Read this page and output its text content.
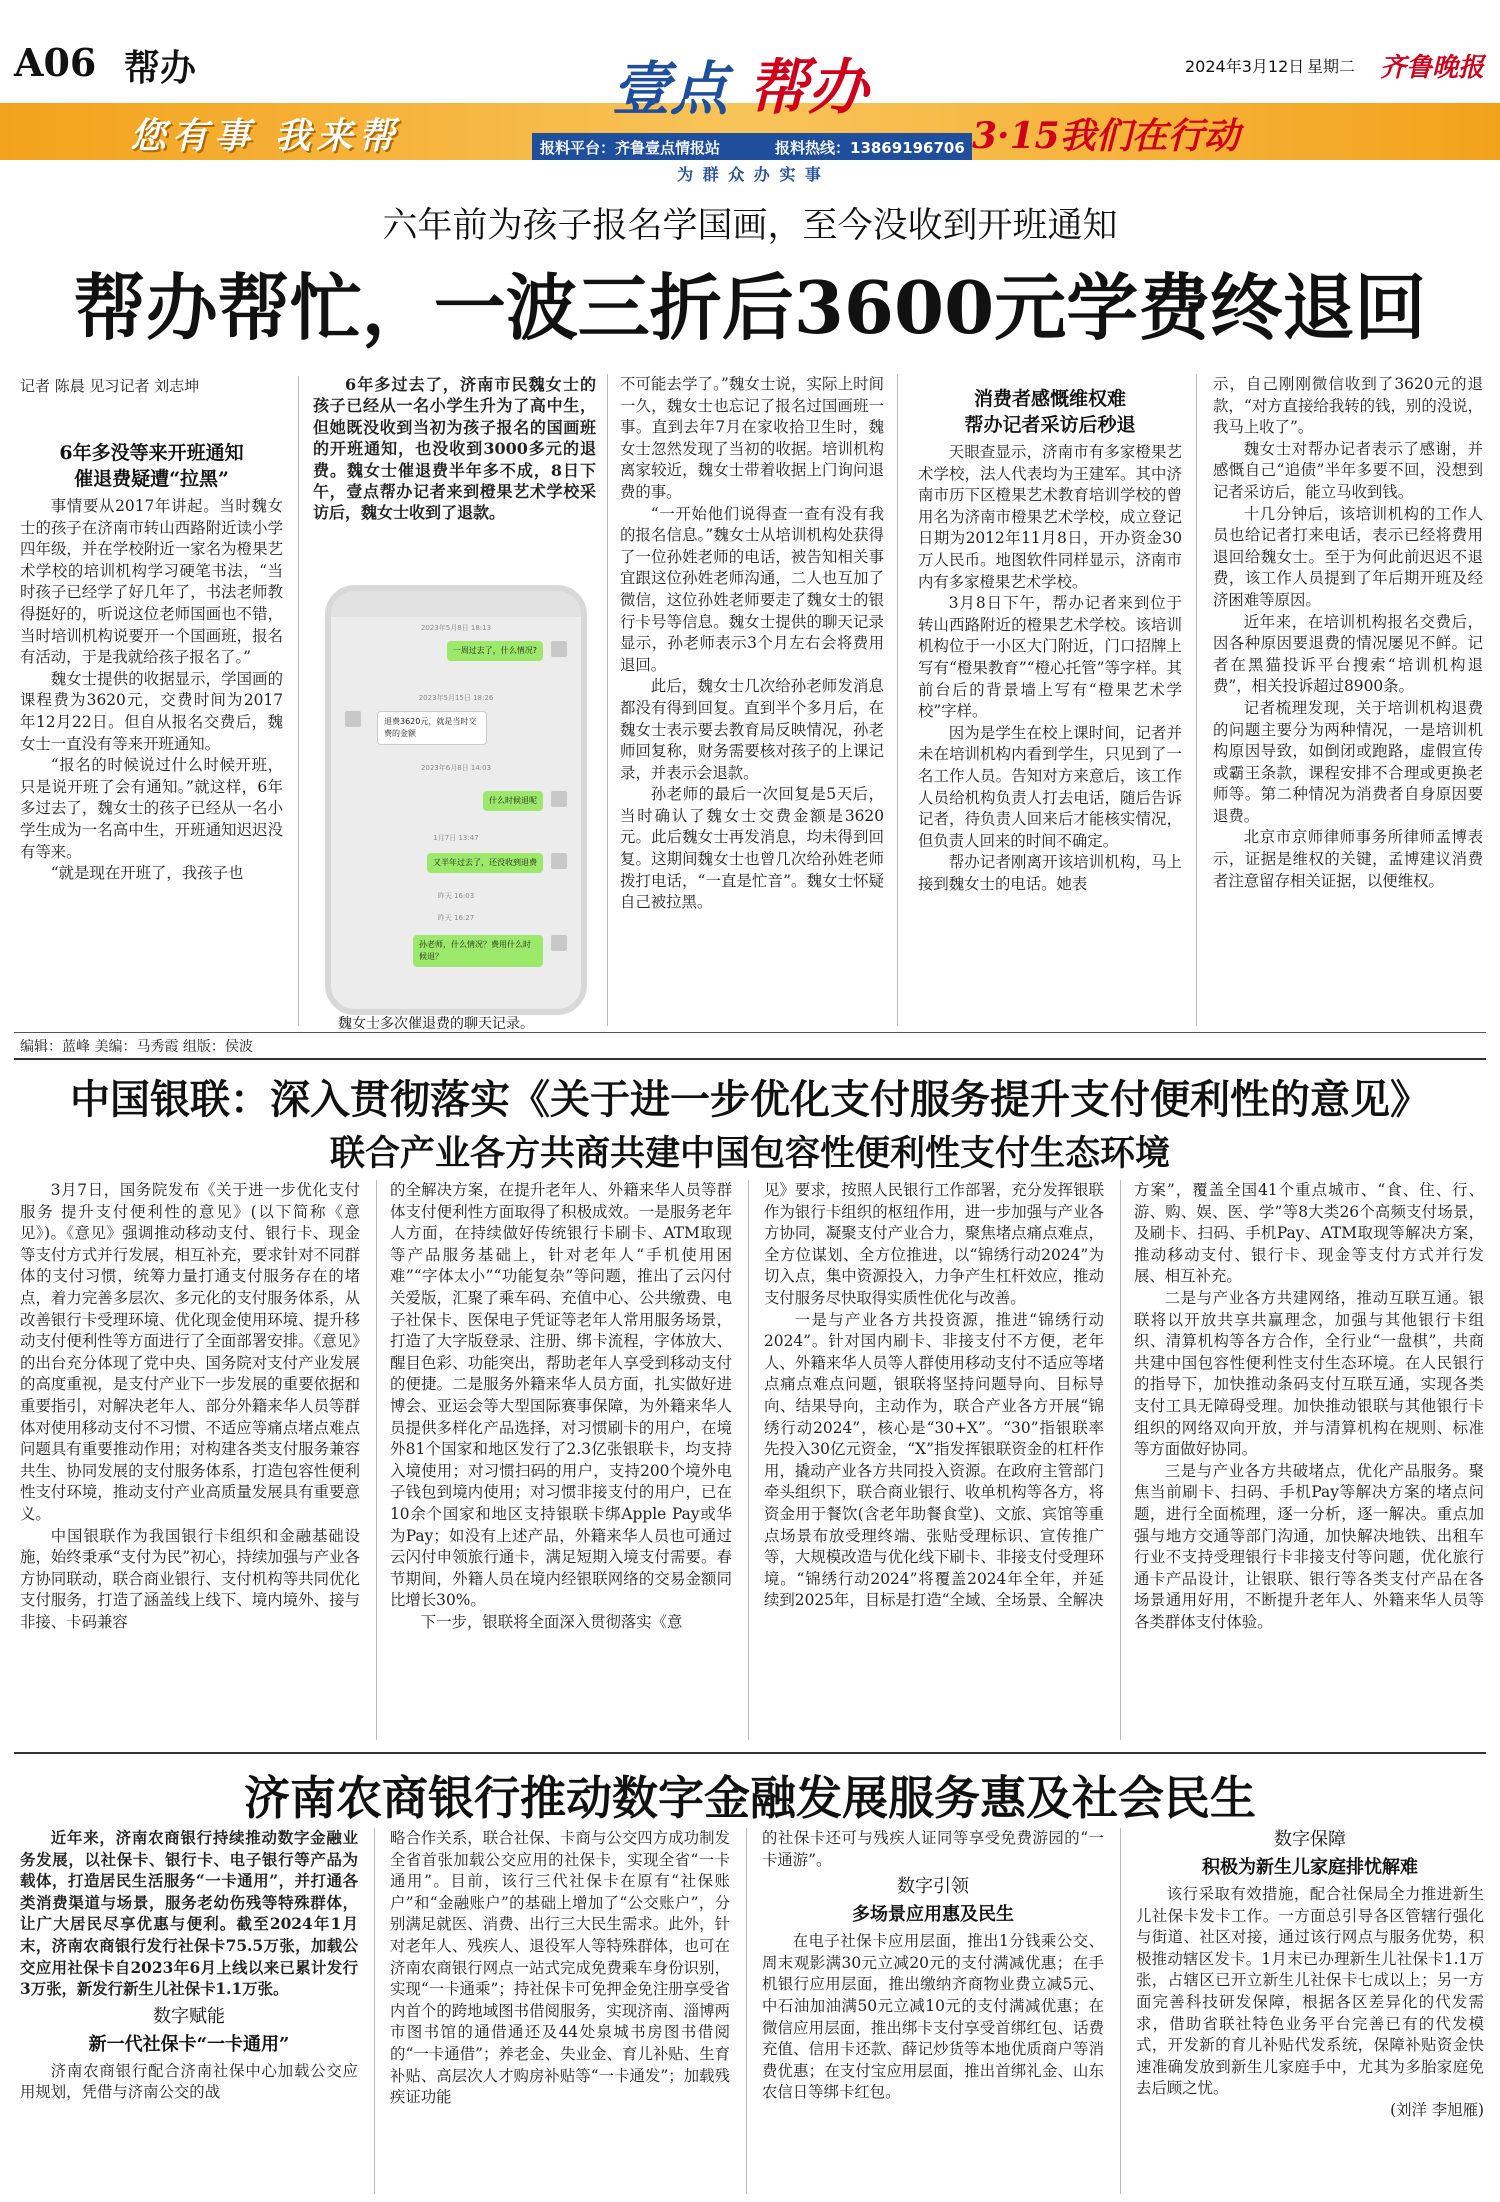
A06 帮办
您有事 我来帮
壹点 帮办
报料平台：齐鲁壹点情报站	报料热线：13869196706
为 群 众 办 实 事
3·15我们在行动
2024年3月12日 星期二 齐鲁晚报
六年前为孩子报名学国画，至今没收到开班通知
帮办帮忙，一波三折后3600元学费终退回
记者 陈晨 见习记者 刘志坤
6年多没等来开班通知
催退费疑遭“拉黑”

事情要从2017年讲起。当时魏女士的孩子在济南市转山西路附近读小学四年级，并在学校附近一家名为橙果艺术学校的培训机构学习硬笔书法，“当时孩子已经学了好几年了，书法老师教得挺好的，听说这位老师国画也不错，当时培训机构说要开一个国画班，报名有活动，于是我就给孩子报名了。”

魏女士提供的收据显示，学国画的课程费为3620元，交费时间为2017年12月22日。但自从报名交费后，魏女士一直没有等来开班通知。

“报名的时候说过什么时候开班，只是说开班了会有通知。”就这样，6年多过去了，魏女士的孩子已经从一名小学生成为一名高中生，开班通知迟迟没有等来。

“就是现在开班了，我孩子也

6年多过去了，济南市民魏女士的孩子已经从一名小学生升为了高中生，但她既没收到当初为孩子报名的国画班的开班通知，也没收到3000多元的退费。魏女士催退费半年多不成，8日下午，壹点帮办记者来到橙果艺术学校采访后，魏女士收到了退款。

2023年5月8日 18:13
一周过去了，什么情况?
2023年5月15日 18:26
退费3620元，就是当时交费的金额
2023年6月8日 14:03
什么时候退呢
1月7日 13:47
又半年过去了，还没收到退费
昨天 16:03
昨天 16:27
孙老师，什么情况？费用什么时候退？
魏女士多次催退费的聊天记录。

不可能去学了。”魏女士说，实际上时间一久，魏女士也忘记了报名过国画班一事。直到去年7月在家收拾卫生时，魏女士忽然发现了当初的收据。培训机构离家较近，魏女士带着收据上门询问退费的事。

“一开始他们说得查一查有没有我的报名信息。”魏女士从培训机构处获得了一位孙姓老师的电话，被告知相关事宜跟这位孙姓老师沟通，二人也互加了微信，这位孙姓老师要走了魏女士的银行卡号等信息。魏女士提供的聊天记录显示，孙老师表示3个月左右会将费用退回。

此后，魏女士几次给孙老师发消息都没有得到回复。直到半个多月后，在魏女士表示要去教育局反映情况，孙老师回复称，财务需要核对孩子的上课记录，并表示会退款。

孙老师的最后一次回复是5天后，当时确认了魏女士交费金额是3620元。此后魏女士再发消息，均未得到回复。这期间魏女士也曾几次给孙姓老师拨打电话，“一直是忙音”。魏女士怀疑自己被拉黑。

消费者感慨维权难
帮办记者采访后秒退

天眼查显示，济南市有多家橙果艺术学校，法人代表均为王建军。其中济南市历下区橙果艺术教育培训学校的曾用名为济南市橙果艺术学校，成立登记日期为2012年11月8日，开办资金30万人民币。地图软件同样显示，济南市内有多家橙果艺术学校。

3月8日下午，帮办记者来到位于转山西路附近的橙果艺术学校。该培训机构位于一小区大门附近，门口招牌上写有“橙果教育”“橙心托管”等字样。其前台后的背景墙上写有“橙果艺术学校”字样。

因为是学生在校上课时间，记者并未在培训机构内看到学生，只见到了一名工作人员。告知对方来意后，该工作人员给机构负责人打去电话，随后告诉记者，待负责人回来后才能核实情况，但负责人回来的时间不确定。

帮办记者刚离开该培训机构，马上接到魏女士的电话。她表

示，自己刚刚微信收到了3620元的退款，“对方直接给我转的钱，别的没说，我马上收了”。

魏女士对帮办记者表示了感谢，并感慨自己“追债”半年多要不回，没想到记者采访后，能立马收到钱。

十几分钟后，该培训机构的工作人员也给记者打来电话，表示已经将费用退回给魏女士。至于为何此前迟迟不退费，该工作人员提到了年后期开班及经济困难等原因。

近年来，在培训机构报名交费后，因各种原因要退费的情况屡见不鲜。记者在黑猫投诉平台搜索“培训机构退费”，相关投诉超过8900条。

记者梳理发现，关于培训机构退费的问题主要分为两种情况，一是培训机构原因导致，如倒闭或跑路，虚假宣传或霸王条款，课程安排不合理或更换老师等。第二种情况为消费者自身原因要退费。

北京市京师律师事务所律师孟博表示，证据是维权的关键，孟博建议消费者注意留存相关证据，以便维权。

编辑：蓝峰 美编：马秀霞 组版：侯波
中国银联：深入贯彻落实《关于进一步优化支付服务提升支付便利性的意见》
联合产业各方共商共建中国包容性便利性支付生态环境

3月7日，国务院发布《关于进一步优化支付服务 提升支付便利性的意见》(以下简称《意见》)。《意见》强调推动移动支付、银行卡、现金等支付方式并行发展，相互补充，要求针对不同群体的支付习惯，统筹力量打通支付服务存在的堵点，着力完善多层次、多元化的支付服务体系，从改善银行卡受理环境、优化现金使用环境、提升移动支付便利性等方面进行了全面部署安排。《意见》的出台充分体现了党中央、国务院对支付产业发展的高度重视，是支付产业下一步发展的重要依据和重要指引，对解决老年人、部分外籍来华人员等群体对使用移动支付不习惯、不适应等痛点堵点难点问题具有重要推动作用；对构建各类支付服务兼容共生、协同发展的支付服务体系，打造包容性便利性支付环境，推动支付产业高质量发展具有重要意义。

中国银联作为我国银行卡组织和金融基础设施，始终秉承“支付为民”初心，持续加强与产业各方协同联动，联合商业银行、支付机构等共同优化支付服务，打造了涵盖线上线下、境内境外、接与非接、卡码兼容

的全解决方案，在提升老年人、外籍来华人员等群体支付便利性方面取得了积极成效。一是服务老年人方面，在持续做好传统银行卡刷卡、ATM取现等产品服务基础上，针对老年人“手机使用困难”“字体太小”“功能复杂”等问题，推出了云闪付关爱版，汇聚了乘车码、充值中心、公共缴费、电子社保卡、医保电子凭证等老年人常用服务场景，打造了大字版登录、注册、绑卡流程，字体放大、醒目色彩、功能突出，帮助老年人享受到移动支付的便捷。二是服务外籍来华人员方面，扎实做好进博会、亚运会等大型国际赛事保障，为外籍来华人员提供多样化产品选择，对习惯刷卡的用户，在境外81个国家和地区发行了2.3亿张银联卡，均支持入境使用；对习惯扫码的用户，支持200个境外电子钱包到境内使用；对习惯非接支付的用户，已在10余个国家和地区支持银联卡绑Apple Pay或华为Pay；如没有上述产品，外籍来华人员也可通过云闪付申领旅行通卡，满足短期入境支付需要。春节期间，外籍人员在境内经银联网络的交易金额同比增长30%。

下一步，银联将全面深入贯彻落实《意

见》要求，按照人民银行工作部署，充分发挥银联作为银行卡组织的枢纽作用，进一步加强与产业各方协同，凝聚支付产业合力，聚焦堵点痛点难点，全方位谋划、全方位推进，以“锦绣行动2024”为切入点，集中资源投入，力争产生杠杆效应，推动支付服务尽快取得实质性优化与改善。

一是与产业各方共投资源，推进“锦绣行动2024”。针对国内刷卡、非接支付不方便，老年人、外籍来华人员等人群使用移动支付不适应等堵点痛点难点问题，银联将坚持问题导向、目标导向、结果导向，主动作为，联合产业各方开展“锦绣行动2024”，核心是“30+X”。“30”指银联率先投入30亿元资金，“X”指发挥银联资金的杠杆作用，撬动产业各方共同投入资源。在政府主管部门牵头组织下，联合商业银行、收单机构等各方，将资金用于餐饮(含老年助餐食堂)、文旅、宾馆等重点场景布放受理终端、张贴受理标识、宣传推广等，大规模改造与优化线下刷卡、非接支付受理环境。“锦绣行动2024”将覆盖2024年全年，并延续到2025年，目标是打造“全域、全场景、全解决

方案”，覆盖全国41个重点城市、“食、住、行、游、购、娱、医、学”等8大类26个高频支付场景，及刷卡、扫码、手机Pay、ATM取现等解决方案，推动移动支付、银行卡、现金等支付方式并行发展、相互补充。

二是与产业各方共建网络，推动互联互通。银联将以开放共享共赢理念，加强与其他银行卡组织、清算机构等各方合作，全行业“一盘棋”，共商共建中国包容性便利性支付生态环境。在人民银行的指导下，加快推动条码支付互联互通，实现各类支付工具无障碍受理。加快推动银联与其他银行卡组织的网络双向开放，并与清算机构在规则、标准等方面做好协同。

三是与产业各方共破堵点，优化产品服务。聚焦当前刷卡、扫码、手机Pay等解决方案的堵点问题，进行全面梳理，逐一分析，逐一解决。重点加强与地方交通等部门沟通，加快解决地铁、出租车行业不支持受理银行卡非接支付等问题，优化旅行通卡产品设计，让银联、银行等各类支付产品在各场景通用好用，不断提升老年人、外籍来华人员等各类群体支付体验。

济南农商银行推动数字金融发展服务惠及社会民生

近年来，济南农商银行持续推动数字金融业务发展，以社保卡、银行卡、电子银行等产品为载体，打造居民生活服务“一卡通用”，并打通各类消费渠道与场景，服务老幼伤残等特殊群体，让广大居民尽享优惠与便利。截至2024年1月末，济南农商银行发行社保卡75.5万张，加载公交应用社保卡自2023年6月上线以来已累计发行3万张，新发行新生儿社保卡1.1万张。

数字赋能
新一代社保卡“一卡通用”

济南农商银行配合济南社保中心加载公交应用规划，凭借与济南公交的战

略合作关系，联合社保、卡商与公交四方成功制发全省首张加载公交应用的社保卡，实现全省“一卡通用”。目前，该行三代社保卡在原有“社保账户”和“金融账户”的基础上增加了“公交账户”，分别满足就医、消费、出行三大民生需求。此外，针对老年人、残疾人、退役军人等特殊群体，也可在济南农商银行网点一站式完成免费乘车身份识别，实现“一卡通乘”；持社保卡可免押金免注册享受省内首个的跨地域图书借阅服务，实现济南、淄博两市图书馆的通借通还及44处泉城书房图书借阅的“一卡通借”；养老金、失业金、育儿补贴、生育补贴、高层次人才购房补贴等“一卡通发”；加载残疾证功能

的社保卡还可与残疾人证同等享受免费游园的“一卡通游”。

数字引领
多场景应用惠及民生

在电子社保卡应用层面，推出1分钱乘公交、周末观影满30元立减20元的支付满减优惠；在手机银行应用层面，推出缴纳齐商物业费立减5元、中石油加油满50元立减10元的支付满减优惠；在微信应用层面，推出绑卡支付享受首绑红包、话费充值、信用卡还款、薛记炒货等本地优质商户等消费优惠；在支付宝应用层面，推出首绑礼金、山东农信日等绑卡红包。

数字保障
积极为新生儿家庭排忧解难

该行采取有效措施，配合社保局全力推进新生儿社保卡发卡工作。一方面总引导各区管辖行强化与街道、社区对接，通过该行网点与服务优势，积极推动辖区发卡。1月末已办理新生儿社保卡1.1万张，占辖区已开立新生儿社保卡七成以上；另一方面完善科技研发保障，根据各区差异化的代发需求，借助省联社特色业务平台完善已有的代发模式，开发新的育儿补贴代发系统，保障补贴资金快速准确发放到新生儿家庭手中，尤其为多胎家庭免去后顾之忧。

(刘洋 李旭雁)
